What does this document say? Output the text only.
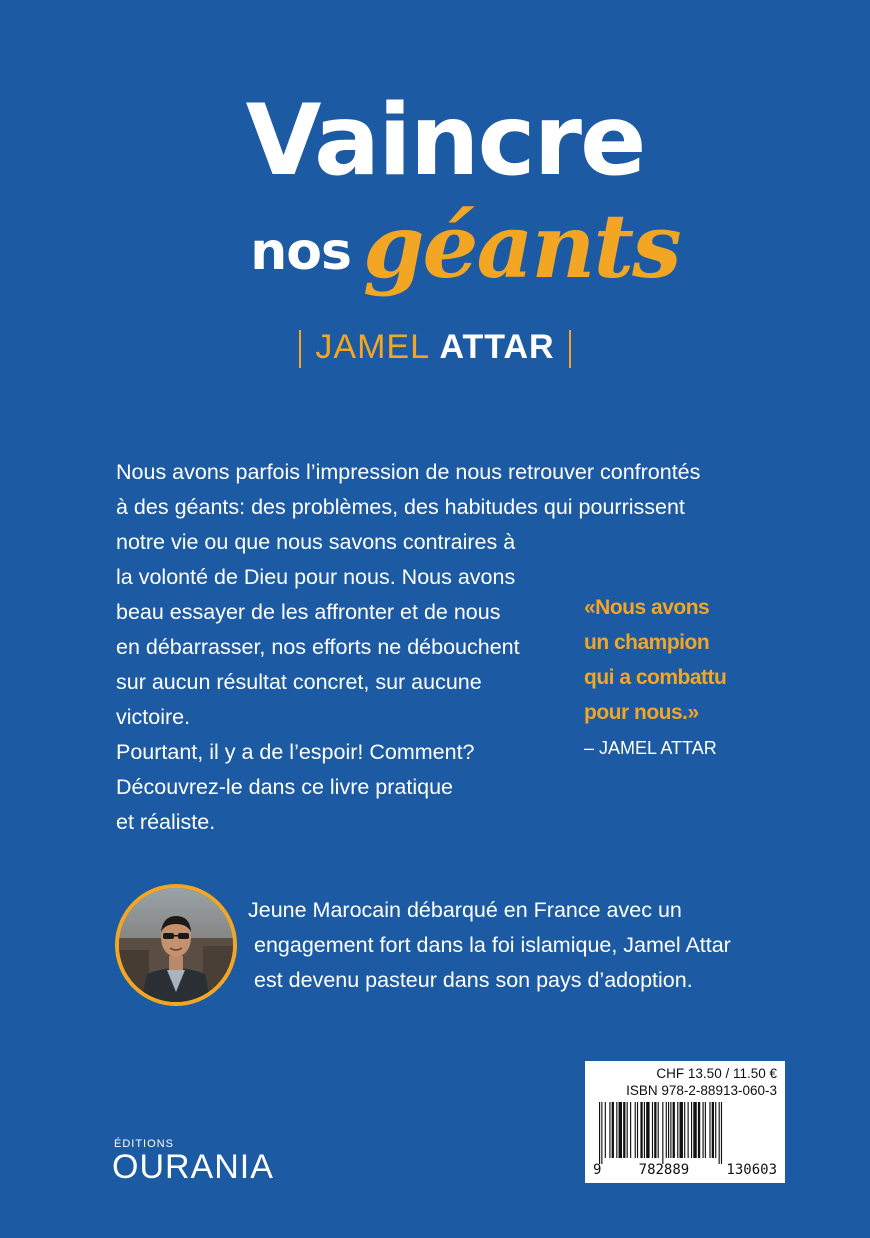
Vaincre
nos géants
JAMEL ATTAR
Nous avons parfois l’impression de nous retrouver confrontés
à des géants: des problèmes, des habitudes qui pourrissent
notre vie ou que nous savons contraires à
la volonté de Dieu pour nous. Nous avons
beau essayer de les affronter et de nous
en débarrasser, nos efforts ne débouchent
sur aucun résultat concret, sur aucune
victoire.
Pourtant, il y a de l’espoir! Comment?
Découvrez-le dans ce livre pratique
et réaliste.
«Nous avons
un champion
qui a combattu
pour nous.»
– JAMEL ATTAR
Jeune Marocain débarqué en France avec un
engagement fort dans la foi islamique, Jamel Attar
est devenu pasteur dans son pays d’adoption.
ÉDITIONS
OURANIA
CHF 13.50 / 11.50 €
ISBN 978-2-88913-060-3
9	782889	130603
